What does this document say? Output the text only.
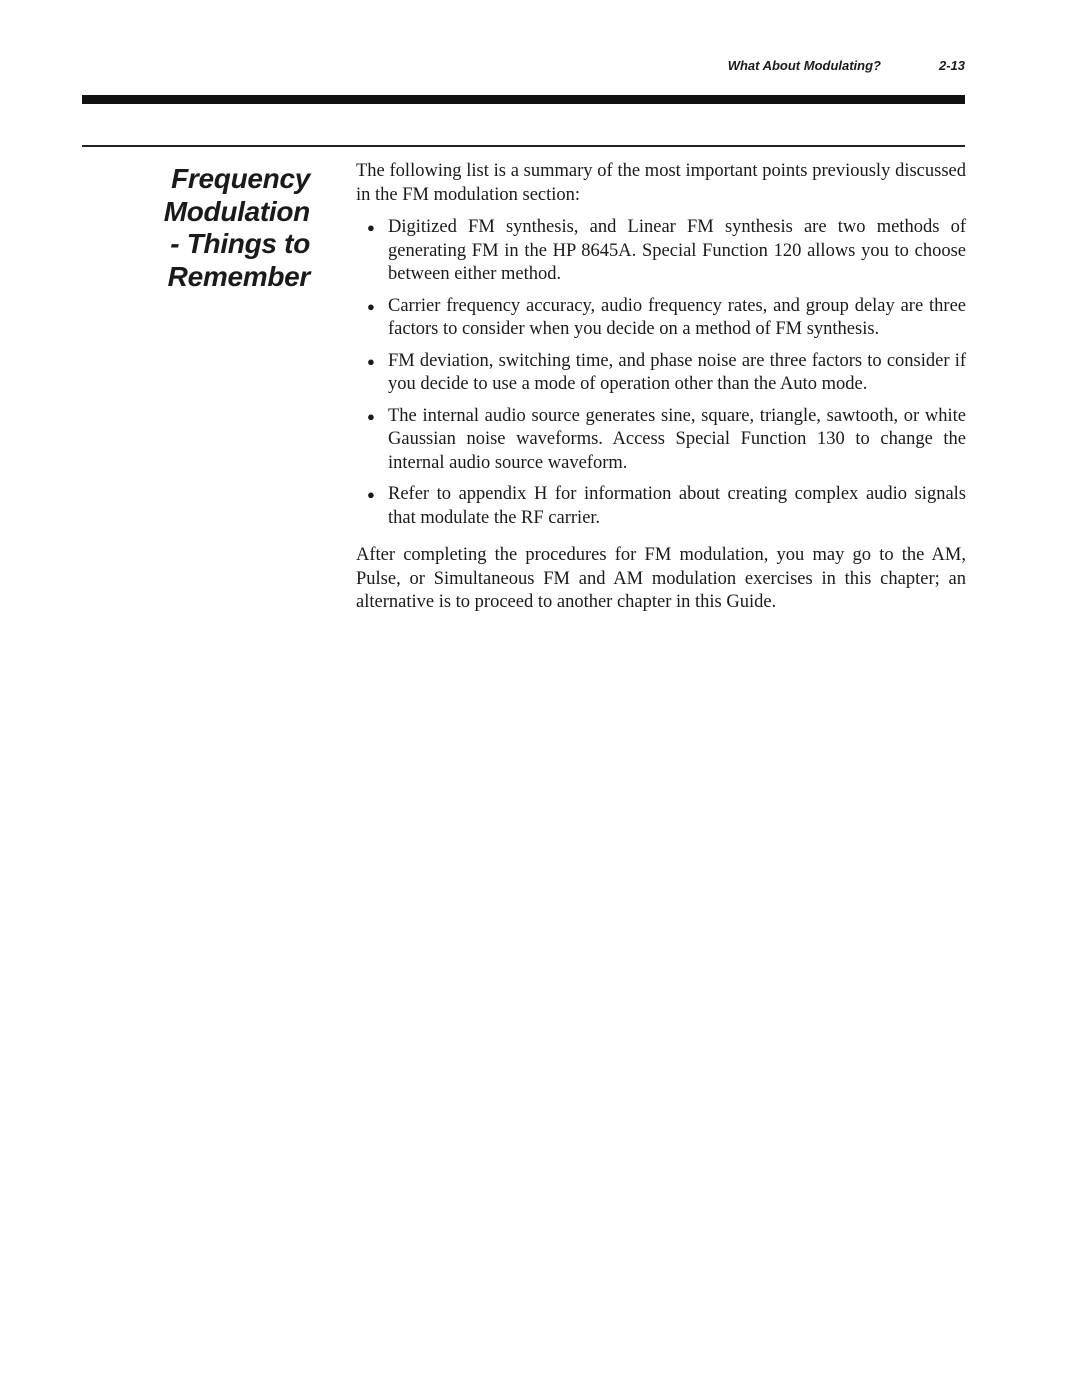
What About Modulating?	2-13
Frequency
Modulation
- Things to
Remember

The following list is a summary of the most important points previously discussed in the FM modulation section:

● Digitized FM synthesis, and Linear FM synthesis are two methods of generating FM in the HP 8645A. Special Function 120 allows you to choose between either method.
● Carrier frequency accuracy, audio frequency rates, and group delay are three factors to consider when you decide on a method of FM synthesis.
● FM deviation, switching time, and phase noise are three factors to consider if you decide to use a mode of operation other than the Auto mode.
● The internal audio source generates sine, square, triangle, sawtooth, or white Gaussian noise waveforms. Access Special Function 130 to change the internal audio source waveform.
● Refer to appendix H for information about creating complex audio signals that modulate the RF carrier.

After completing the procedures for FM modulation, you may go to the AM, Pulse, or Simultaneous FM and AM modulation exercises in this chapter; an alternative is to proceed to another chapter in this Guide.
